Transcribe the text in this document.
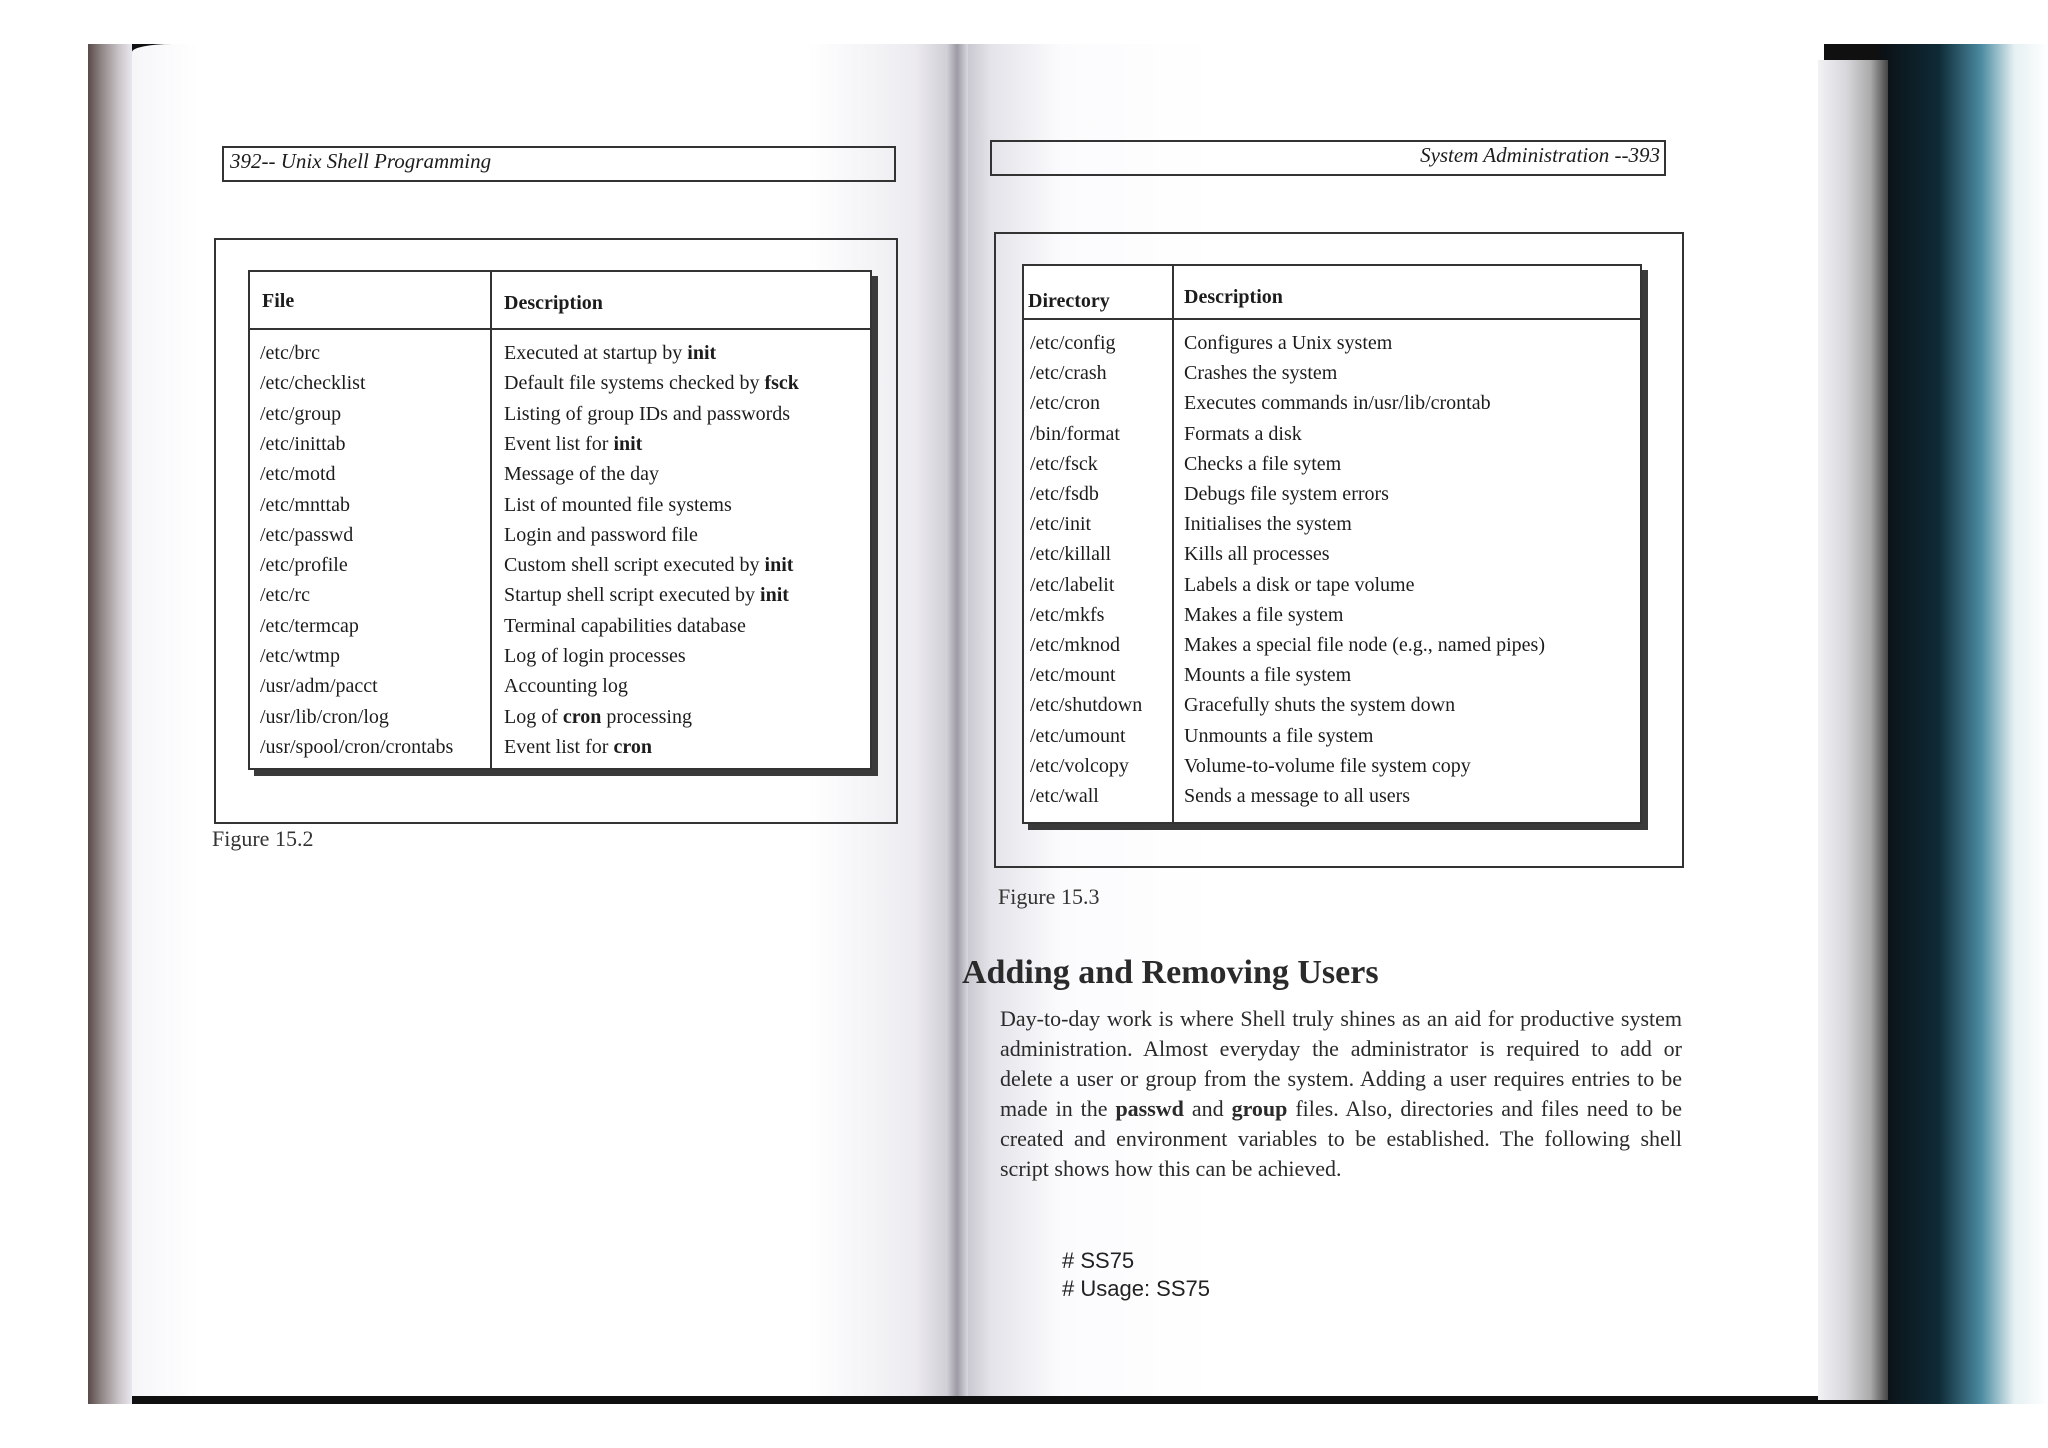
392-- Unix Shell Programming
File	Description
/etc/brc	Executed at startup by init
/etc/checklist	Default file systems checked by fsck
/etc/group	Listing of group IDs and passwords
/etc/inittab	Event list for init
/etc/motd	Message of the day
/etc/mnttab	List of mounted file systems
/etc/passwd	Login and password file
/etc/profile	Custom shell script executed by init
/etc/rc	Startup shell script executed by init
/etc/termcap	Terminal capabilities database
/etc/wtmp	Log of login processes
/usr/adm/pacct	Accounting log
/usr/lib/cron/log	Log of cron processing
/usr/spool/cron/crontabs	Event list for cron
Figure 15.2
System Administration --393
Directory	Description
/etc/config	Configures a Unix system
/etc/crash	Crashes the system
/etc/cron	Executes commands in/usr/lib/crontab
/bin/format	Formats a disk
/etc/fsck	Checks a file sytem
/etc/fsdb	Debugs file system errors
/etc/init	Initialises the system
/etc/killall	Kills all processes
/etc/labelit	Labels a disk or tape volume
/etc/mkfs	Makes a file system
/etc/mknod	Makes a special file node (e.g., named pipes)
/etc/mount	Mounts a file system
/etc/shutdown Gracefully shuts the system down
/etc/umount	Unmounts a file system
/etc/volcopy	Volume-to-volume file system copy
/etc/wall	Sends a message to all users
Figure 15.3
Adding and Removing Users
Day-to-day work is where Shell truly shines as an aid for productive system administration. Almost everyday the administrator is required to add or delete a user or group from the system. Adding a user requires entries to be made in the passwd and group files. Also, directories and files need to be created and environment variables to be established. The following shell script shows how this can be achieved.
# SS75
# Usage: SS75
